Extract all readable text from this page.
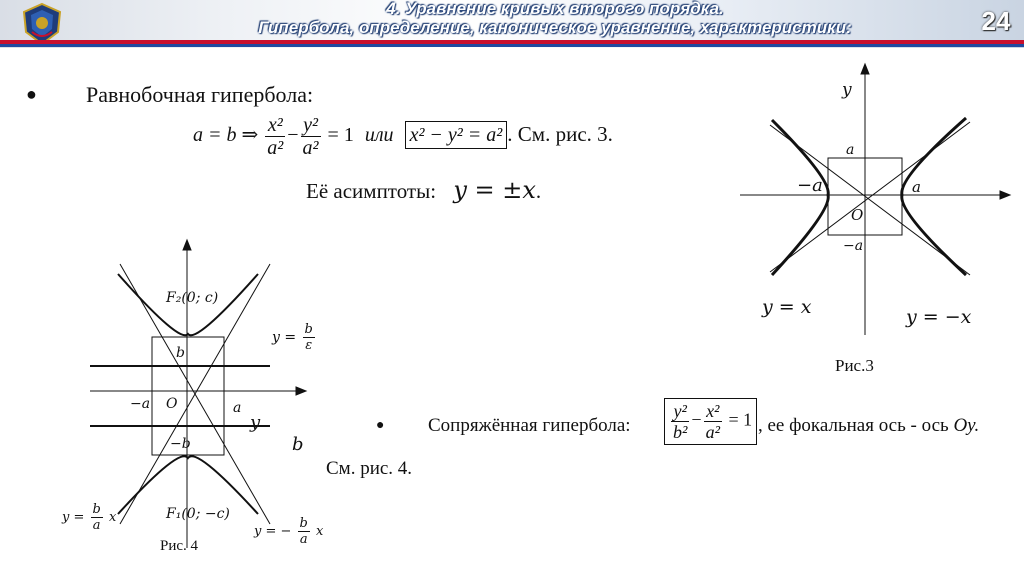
4. Уравнение кривых второго порядка.
Гипербола, определение, каноническое уравнение, характеристики:	24
● Равнобочная гипербола:
a = b ⇒ $\frac{\text{x²}}{\text{a²}} - \frac{\text{y²}}{\text{a²}} = 1$ или x² − y² = a² . См. рис. 3.
Её асимптоты: y = ±x.
y
a
−a	a
O
−a
y = x	y = −x
Рис.3
F₂(0; c)
b
−a O	a
y
−b	b
F₁(0; −c)
$y = \frac{b}{\varepsilon}$
$y = \frac{b}{a}$ x
y = − $\frac{b}{a}$ x
Рис. 4
● Сопряжённая гипербола: $\frac{\text{y²}}{\text{b²}} - \frac{\text{x²}}{\text{a²}} = 1$ , ее фокальная ось - ось Oy.
См. рис. 4.
